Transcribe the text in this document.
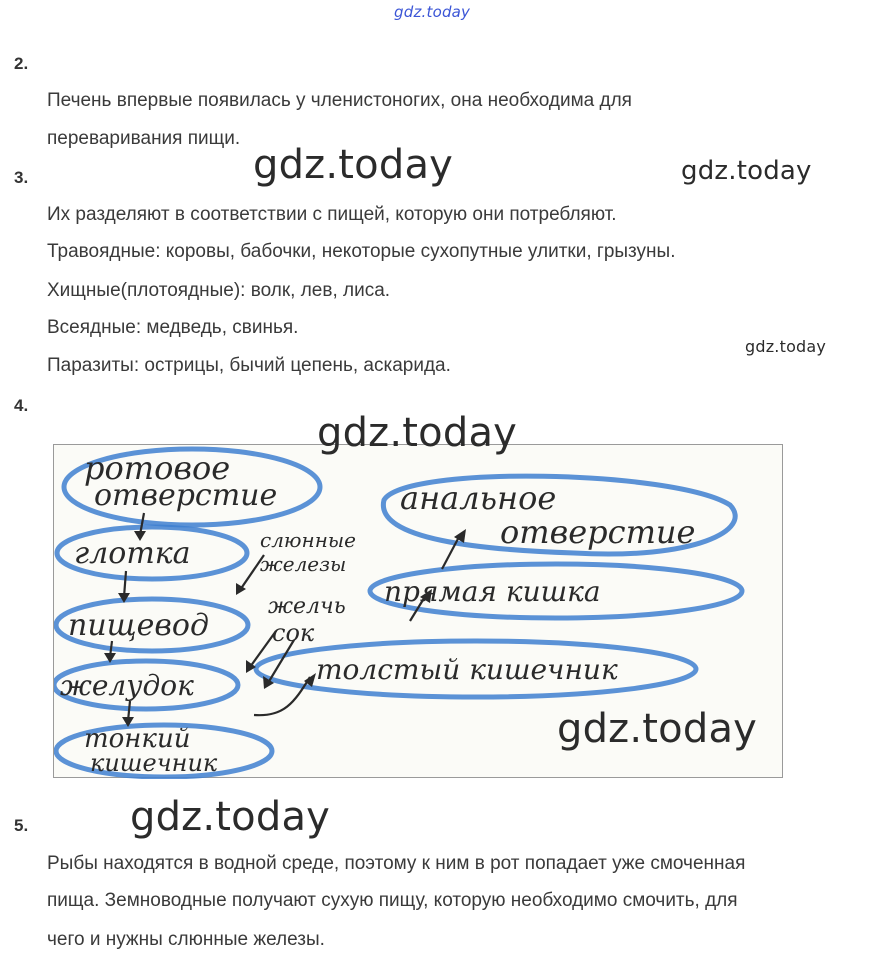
gdz.today
2.
Печень впервые появилась у членистоногих, она необходима для
переваривания пищи.
3.	gdz.today	gdz.today
Их разделяют в соответствии с пищей, которую они потребляют.
Травоядные: коровы, бабочки, некоторые сухопутные улитки, грызуны.
Хищные(плотоядные): волк, лев, лиса.
Всеядные: медведь, свинья.
gdz.today
Паразиты: острицы, бычий цепень, аскарида.
4.
ротовое
отверстие
глотка	слюнные
железы
пищевод
желчь
сок
желудок
тонкий
кишечник
толстый кишечник
прямая кишка
анальное
отверстие
gdz.today
gdz.today
5.	gdz.today
Рыбы находятся в водной среде, поэтому к ним в рот попадает уже смоченная
пища. Земноводные получают сухую пищу, которую необходимо смочить, для
чего и нужны слюнные железы.
